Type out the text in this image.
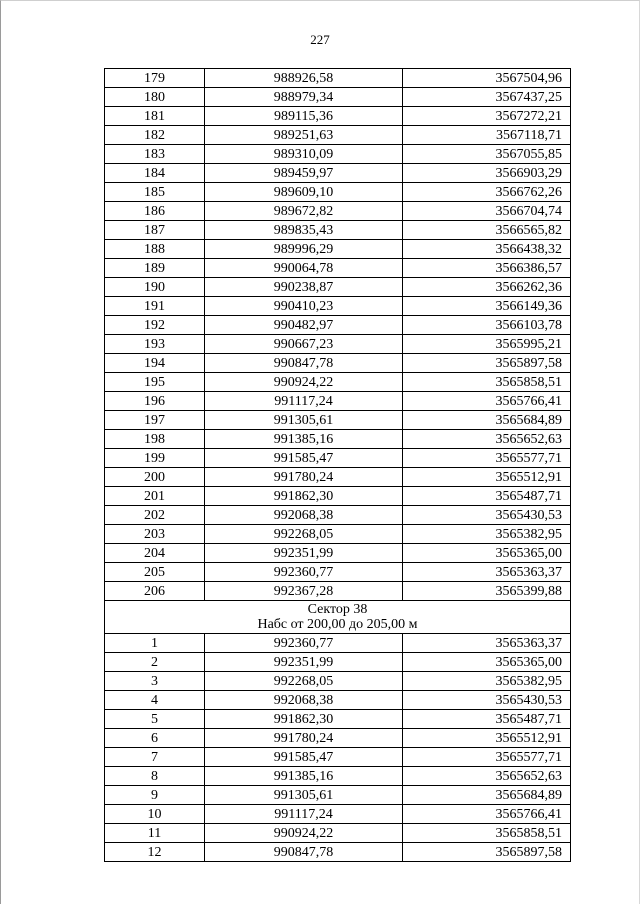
227
179	988926,58	3567504,96
180	988979,34	3567437,25
181	989115,36	3567272,21
182	989251,63	3567118,71
183	989310,09	3567055,85
184	989459,97	3566903,29
185	989609,10	3566762,26
186	989672,82	3566704,74
187	989835,43	3566565,82
188	989996,29	3566438,32
189	990064,78	3566386,57
190	990238,87	3566262,36
191	990410,23	3566149,36
192	990482,97	3566103,78
193	990667,23	3565995,21
194	990847,78	3565897,58
195	990924,22	3565858,51
196	991117,24	3565766,41
197	991305,61	3565684,89
198	991385,16	3565652,63
199	991585,47	3565577,71
200	991780,24	3565512,91
201	991862,30	3565487,71
202	992068,38	3565430,53
203	992268,05	3565382,95
204	992351,99	3565365,00
205	992360,77	3565363,37
206	992367,28	3565399,88

Сектор 38
Набс от 200,00 до 205,00 м		

1	992360,77	3565363,37
2	992351,99	3565365,00
3	992268,05	3565382,95
4	992068,38	3565430,53
5	991862,30	3565487,71
6	991780,24	3565512,91
7	991585,47	3565577,71
8	991385,16	3565652,63
9	991305,61	3565684,89
10	991117,24	3565766,41
11	990924,22	3565858,51
12	990847,78	3565897,58
